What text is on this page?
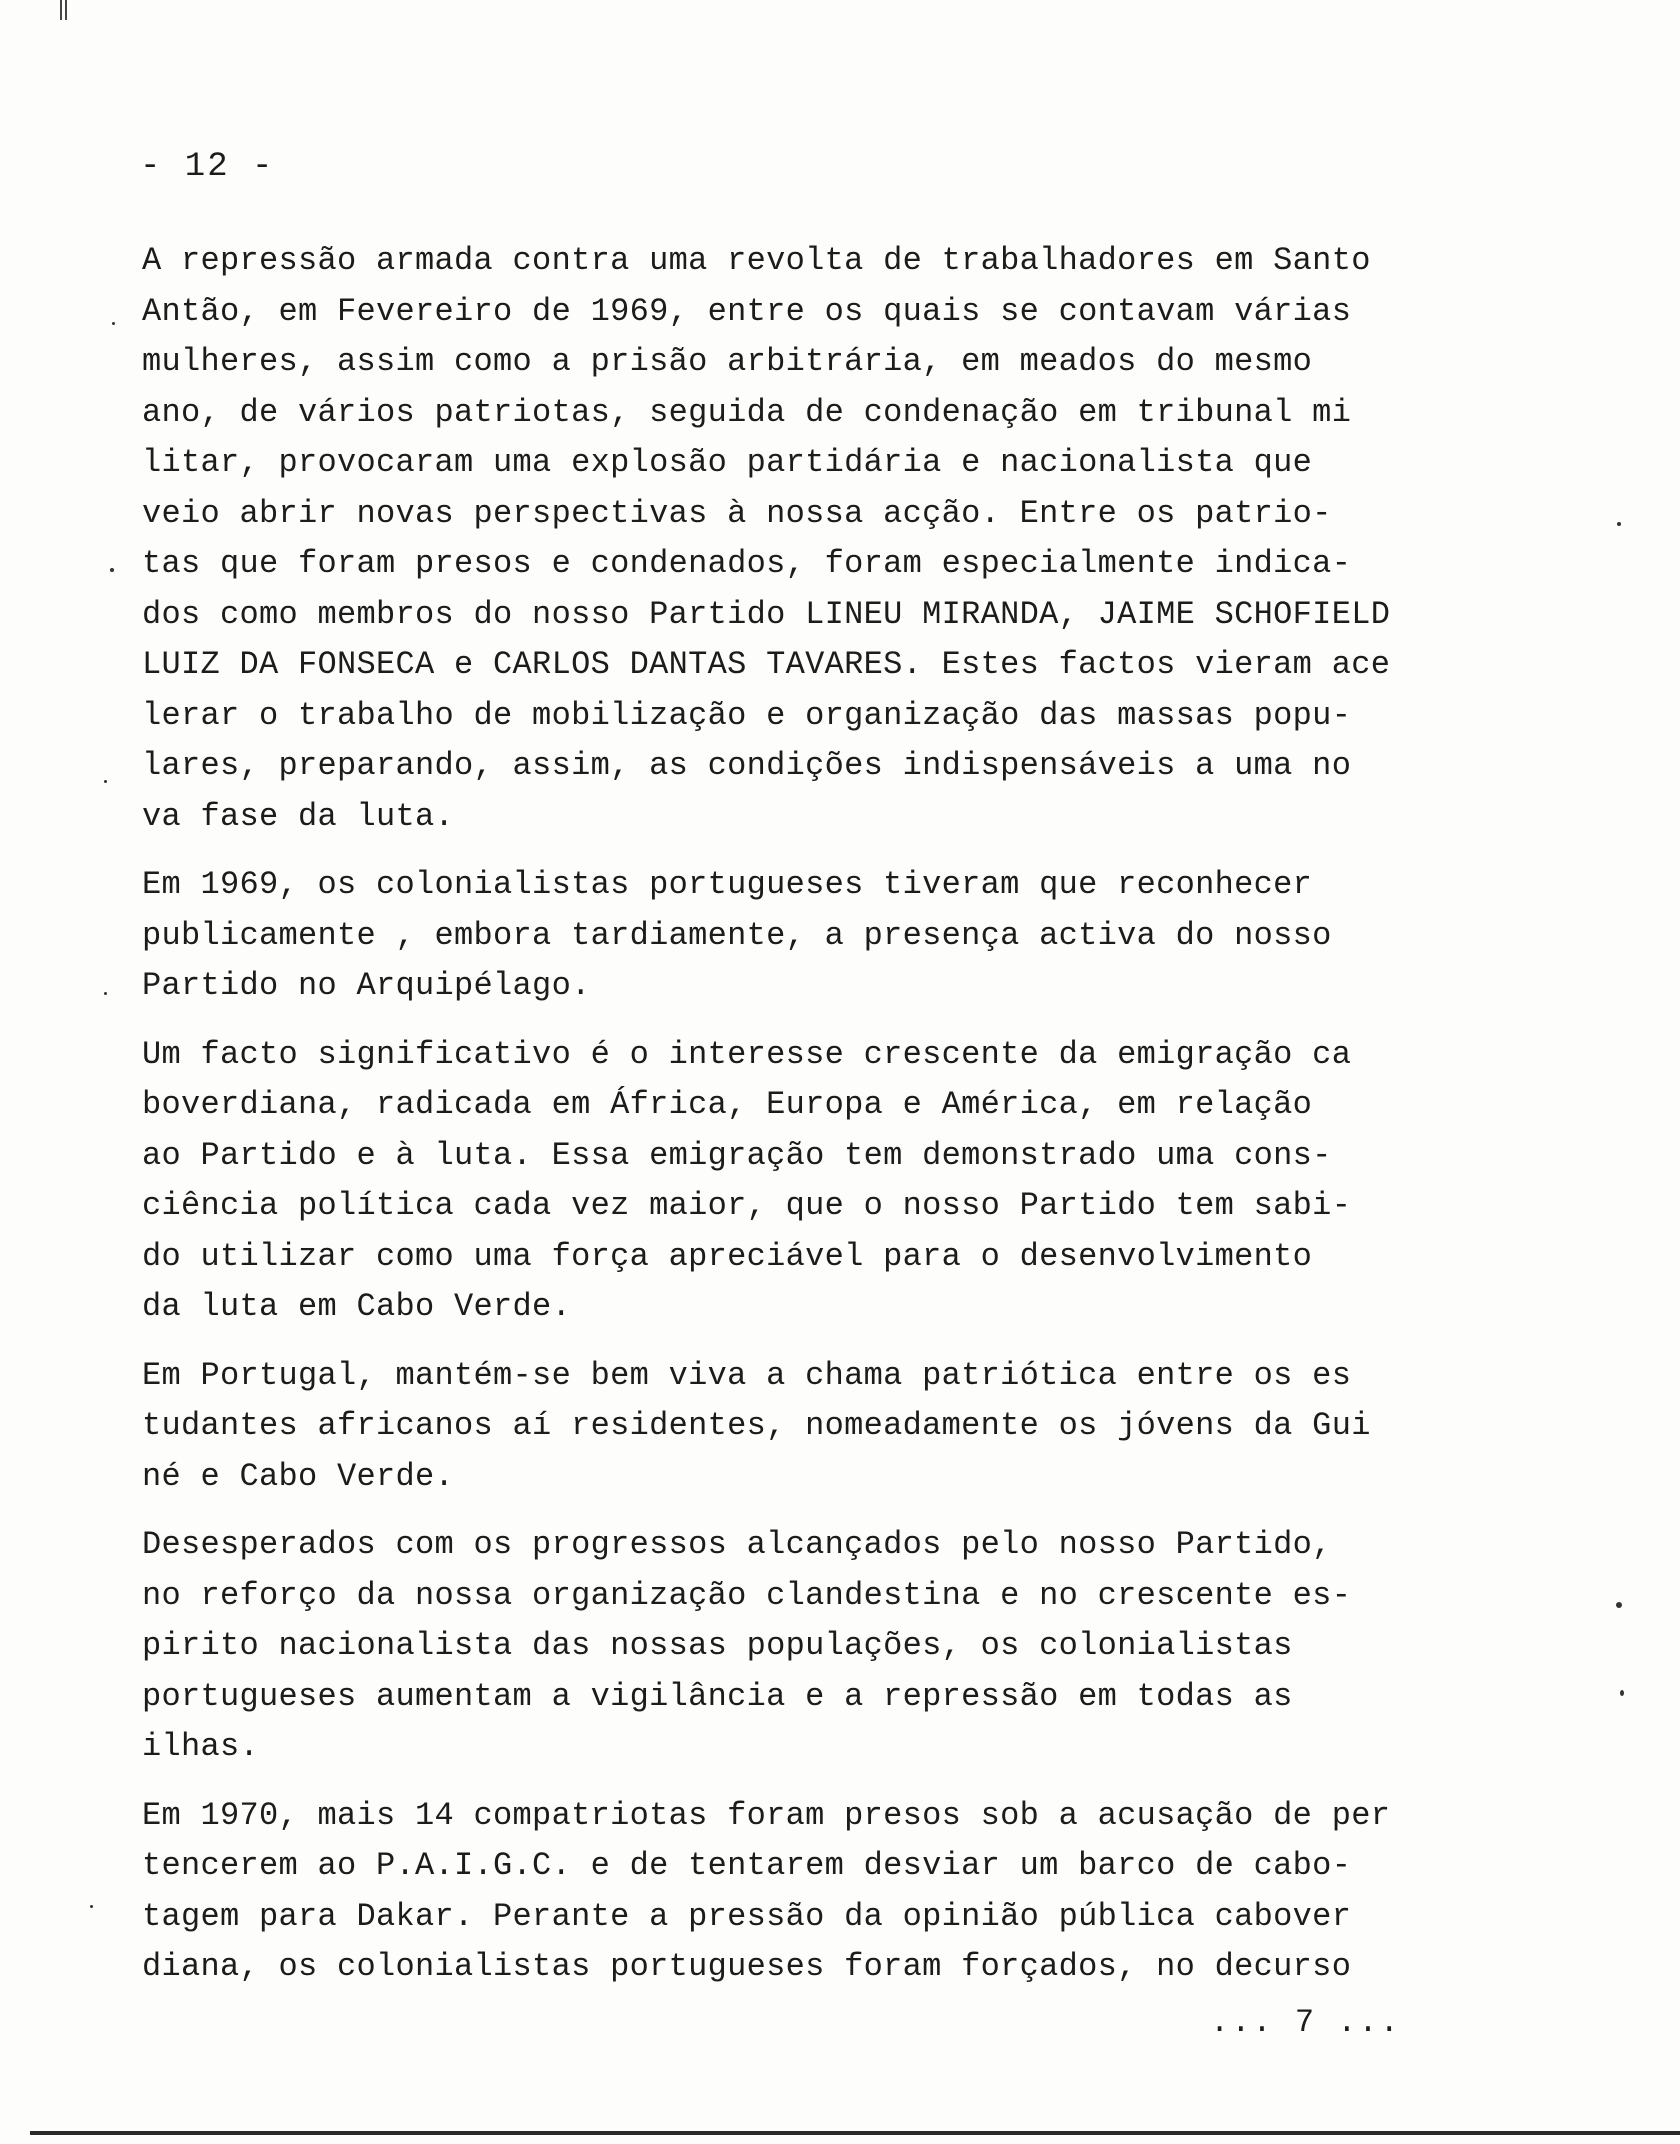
- 12 -
A repressão armada contra uma revolta de trabalhadores em Santo
Antão, em Fevereiro de 1969, entre os quais se contavam várias
mulheres, assim como a prisão arbitrária, em meados do mesmo
ano, de vários patriotas, seguida de condenação em tribunal mi
litar, provocaram uma explosão partidária e nacionalista que
veio abrir novas perspectivas à nossa acção. Entre os patrio-
tas que foram presos e condenados, foram especialmente indica-
dos como membros do nosso Partido LINEU MIRANDA, JAIME SCHOFIELD
LUIZ DA FONSECA e CARLOS DANTAS TAVARES. Estes factos vieram ace
lerar o trabalho de mobilização e organização das massas popu-
lares, preparando, assim, as condições indispensáveis a uma no
va fase da luta.
Em 1969, os colonialistas portugueses tiveram que reconhecer
publicamente , embora tardiamente, a presença activa do nosso
Partido no Arquipélago.
Um facto significativo é o interesse crescente da emigração ca
boverdiana, radicada em África, Europa e América, em relação
ao Partido e à luta. Essa emigração tem demonstrado uma cons-
ciência política cada vez maior, que o nosso Partido tem sabi-
do utilizar como uma força apreciável para o desenvolvimento
da luta em Cabo Verde.
Em Portugal, mantém-se bem viva a chama patriótica entre os es
tudantes africanos aí residentes, nomeadamente os jóvens da Gui
né e Cabo Verde.
Desesperados com os progressos alcançados pelo nosso Partido,
no reforço da nossa organização clandestina e no crescente es-
pirito nacionalista das nossas populações, os colonialistas
portugueses aumentam a vigilância e a repressão em todas as
ilhas.
Em 1970, mais 14 compatriotas foram presos sob a acusação de per
tencerem ao P.A.I.G.C. e de tentarem desviar um barco de cabo-
tagem para Dakar. Perante a pressão da opinião pública cabover
diana, os colonialistas portugueses foram forçados, no decurso
... 7 ...
